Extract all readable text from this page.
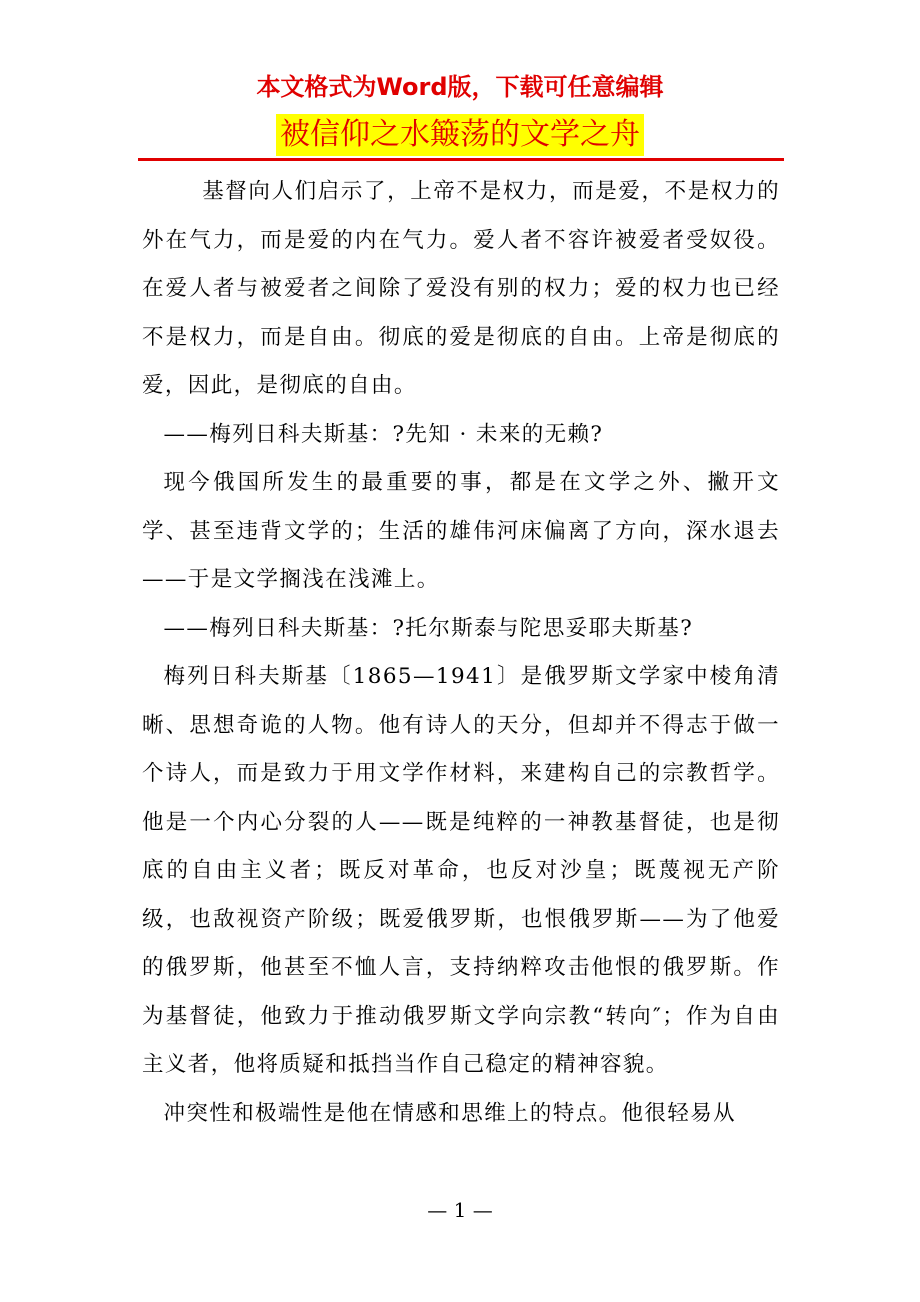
本文格式为Word版，下载可任意编辑
被信仰之水簸荡的文学之舟

基督向人们启示了，上帝不是权力，而是爱，不是权力的外在气力，而是爱的内在气力。爱人者不容许被爱者受奴役。在爱人者与被爱者之间除了爱没有别的权力；爱的权力也已经不是权力，而是自由。彻底的爱是彻底的自由。上帝是彻底的爱，因此，是彻底的自由。

——梅列日科夫斯基：?先知 · 未来的无赖?

现今俄国所发生的最重要的事，都是在文学之外、撇开文学、甚至违背文学的；生活的雄伟河床偏离了方向，深水退去——于是文学搁浅在浅滩上。

——梅列日科夫斯基：?托尔斯泰与陀思妥耶夫斯基?

梅列日科夫斯基〔1865—1941〕是俄罗斯文学家中棱角清晰、思想奇诡的人物。他有诗人的天分，但却并不得志于做一个诗人，而是致力于用文学作材料，来建构自己的宗教哲学。他是一个内心分裂的人——既是纯粹的一神教基督徒，也是彻底的自由主义者；既反对革命，也反对沙皇；既蔑视无产阶级，也敌视资产阶级；既爱俄罗斯，也恨俄罗斯——为了他爱的俄罗斯，他甚至不恤人言，支持纳粹攻击他恨的俄罗斯。作为基督徒，他致力于推动俄罗斯文学向宗教“转向″；作为自由主义者，他将质疑和抵挡当作自己稳定的精神容貌。

冲突性和极端性是他在情感和思维上的特点。他很轻易从

— 1 —
